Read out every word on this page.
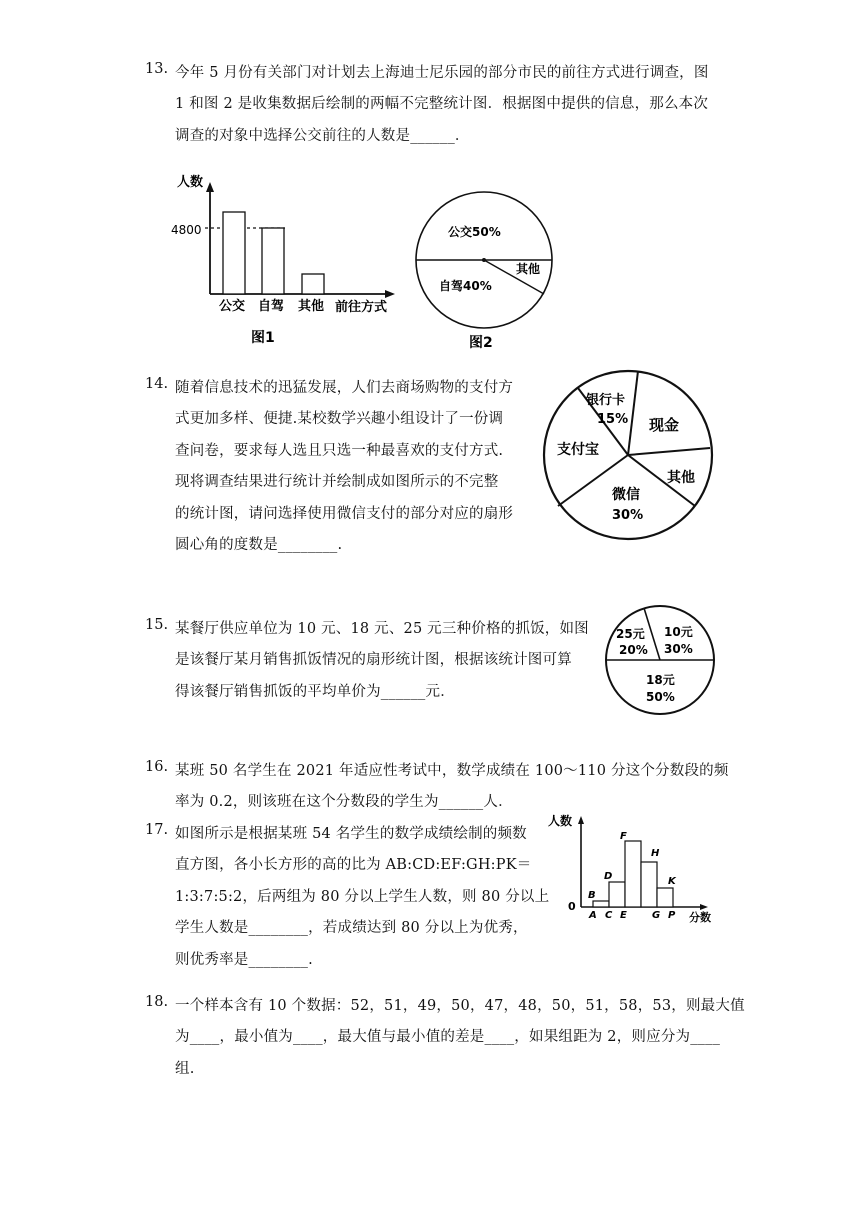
13. 今年 5 月份有关部门对计划去上海迪士尼乐园的部分市民的前往方式进行调查，图
1 和图 2 是收集数据后绘制的两幅不完整统计图．根据图中提供的信息，那么本次
调查的对象中选择公交前往的人数是______．
人数
4800
公交 自驾 其他 前往方式
图1
公交50%
自驾40%
其他
图2
14. 随着信息技术的迅猛发展，人们去商场购物的支付方
式更加多样、便捷.某校数学兴趣小组设计了一份调
查问卷，要求每人选且只选一种最喜欢的支付方式.
现将调查结果进行统计并绘制成如图所示的不完整
的统计图，请问选择使用微信支付的部分对应的扇形
圆心角的度数是________.
银行卡
15% 现金
其他
微信
30%
支付宝
15. 某餐厅供应单位为 10 元、18 元、25 元三种价格的抓饭，如图
是该餐厅某月销售抓饭情况的扇形统计图，根据该统计图可算
得该餐厅销售抓饭的平均单价为______元．
25元
20%
10元
30%
18元
50%
16. 某班 50 名学生在 2021 年适应性考试中，数学成绩在 100～110 分这个分数段的频
率为 0.2，则该班在这个分数段的学生为______人．
17. 如图所示是根据某班 54 名学生的数学成绩绘制的频数
直方图，各小长方形的高的比为 AB:CD:EF:GH:PK＝
1:3:7:5:2，后两组为 80 分以上学生人数，则 80 分以上
学生人数是________，若成绩达到 80 分以上为优秀，
则优秀率是________.
人数
0
分数
B
D
F
H
K
A C E	G P
18. 一个样本含有 10 个数据：52，51，49，50，47，48，50，51，58，53，则最大值
为____，最小值为____，最大值与最小值的差是____，如果组距为 2，则应分为____
组.
